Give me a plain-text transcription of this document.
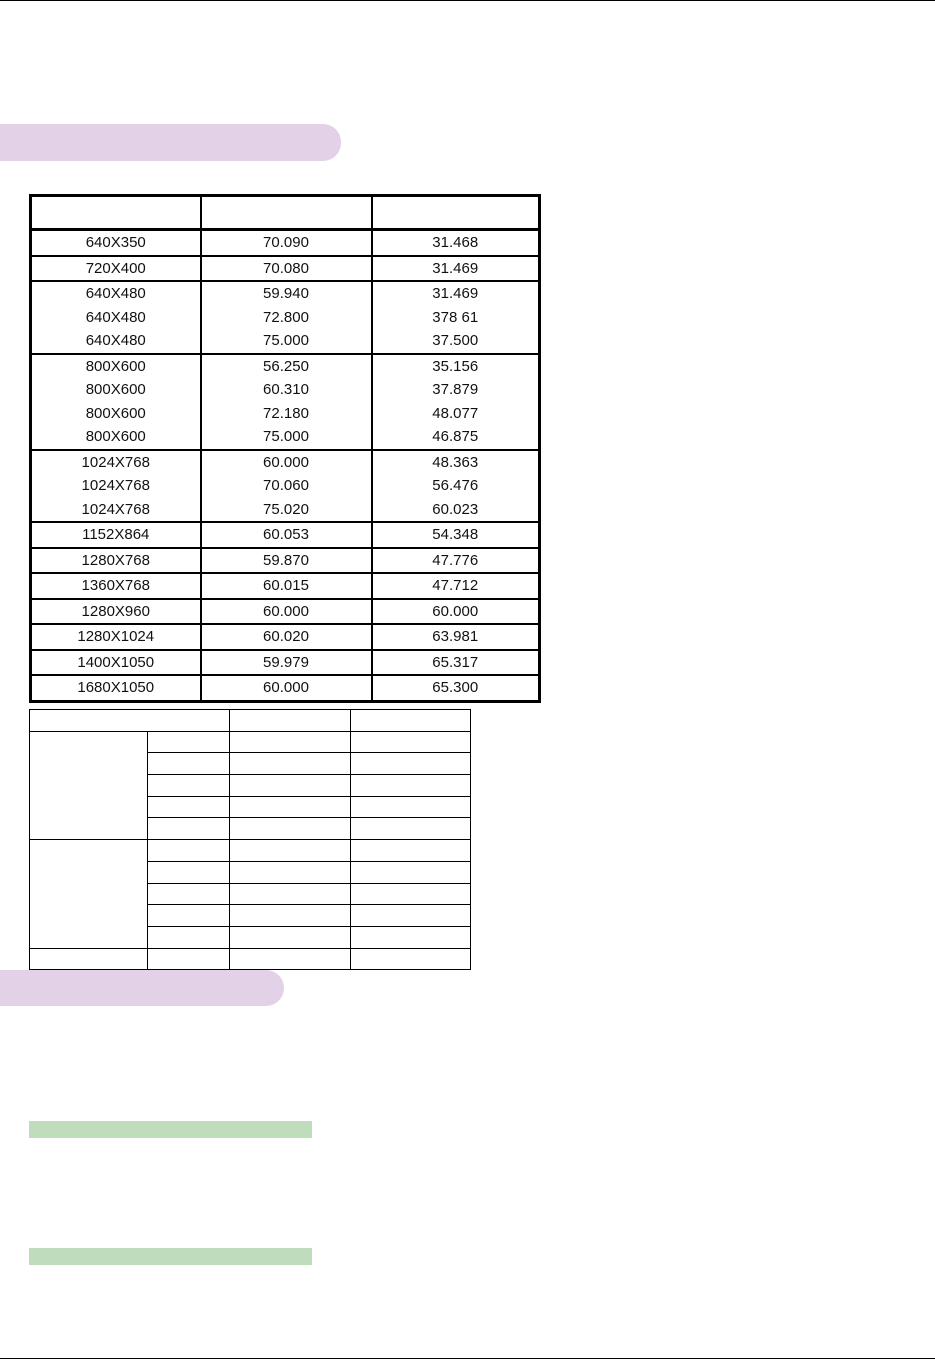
640X350	70.090	31.468
720X400	70.080	31.469
640X480	59.940	31.469
640X480	72.800	378 61
640X480	75.000	37.500
800X600	56.250	35.156
800X600	60.310	37.879
800X600	72.180	48.077
800X600	75.000	46.875
1024X768	60.000	48.363
1024X768	70.060	56.476
1024X768	75.020	60.023
1152X864	60.053	54.348
1280X768	59.870	47.776
1360X768	60.015	47.712
1280X960	60.000	60.000
1280X1024	60.020	63.981
1400X1050	59.979	65.317
1680X1050	60.000	65.300
